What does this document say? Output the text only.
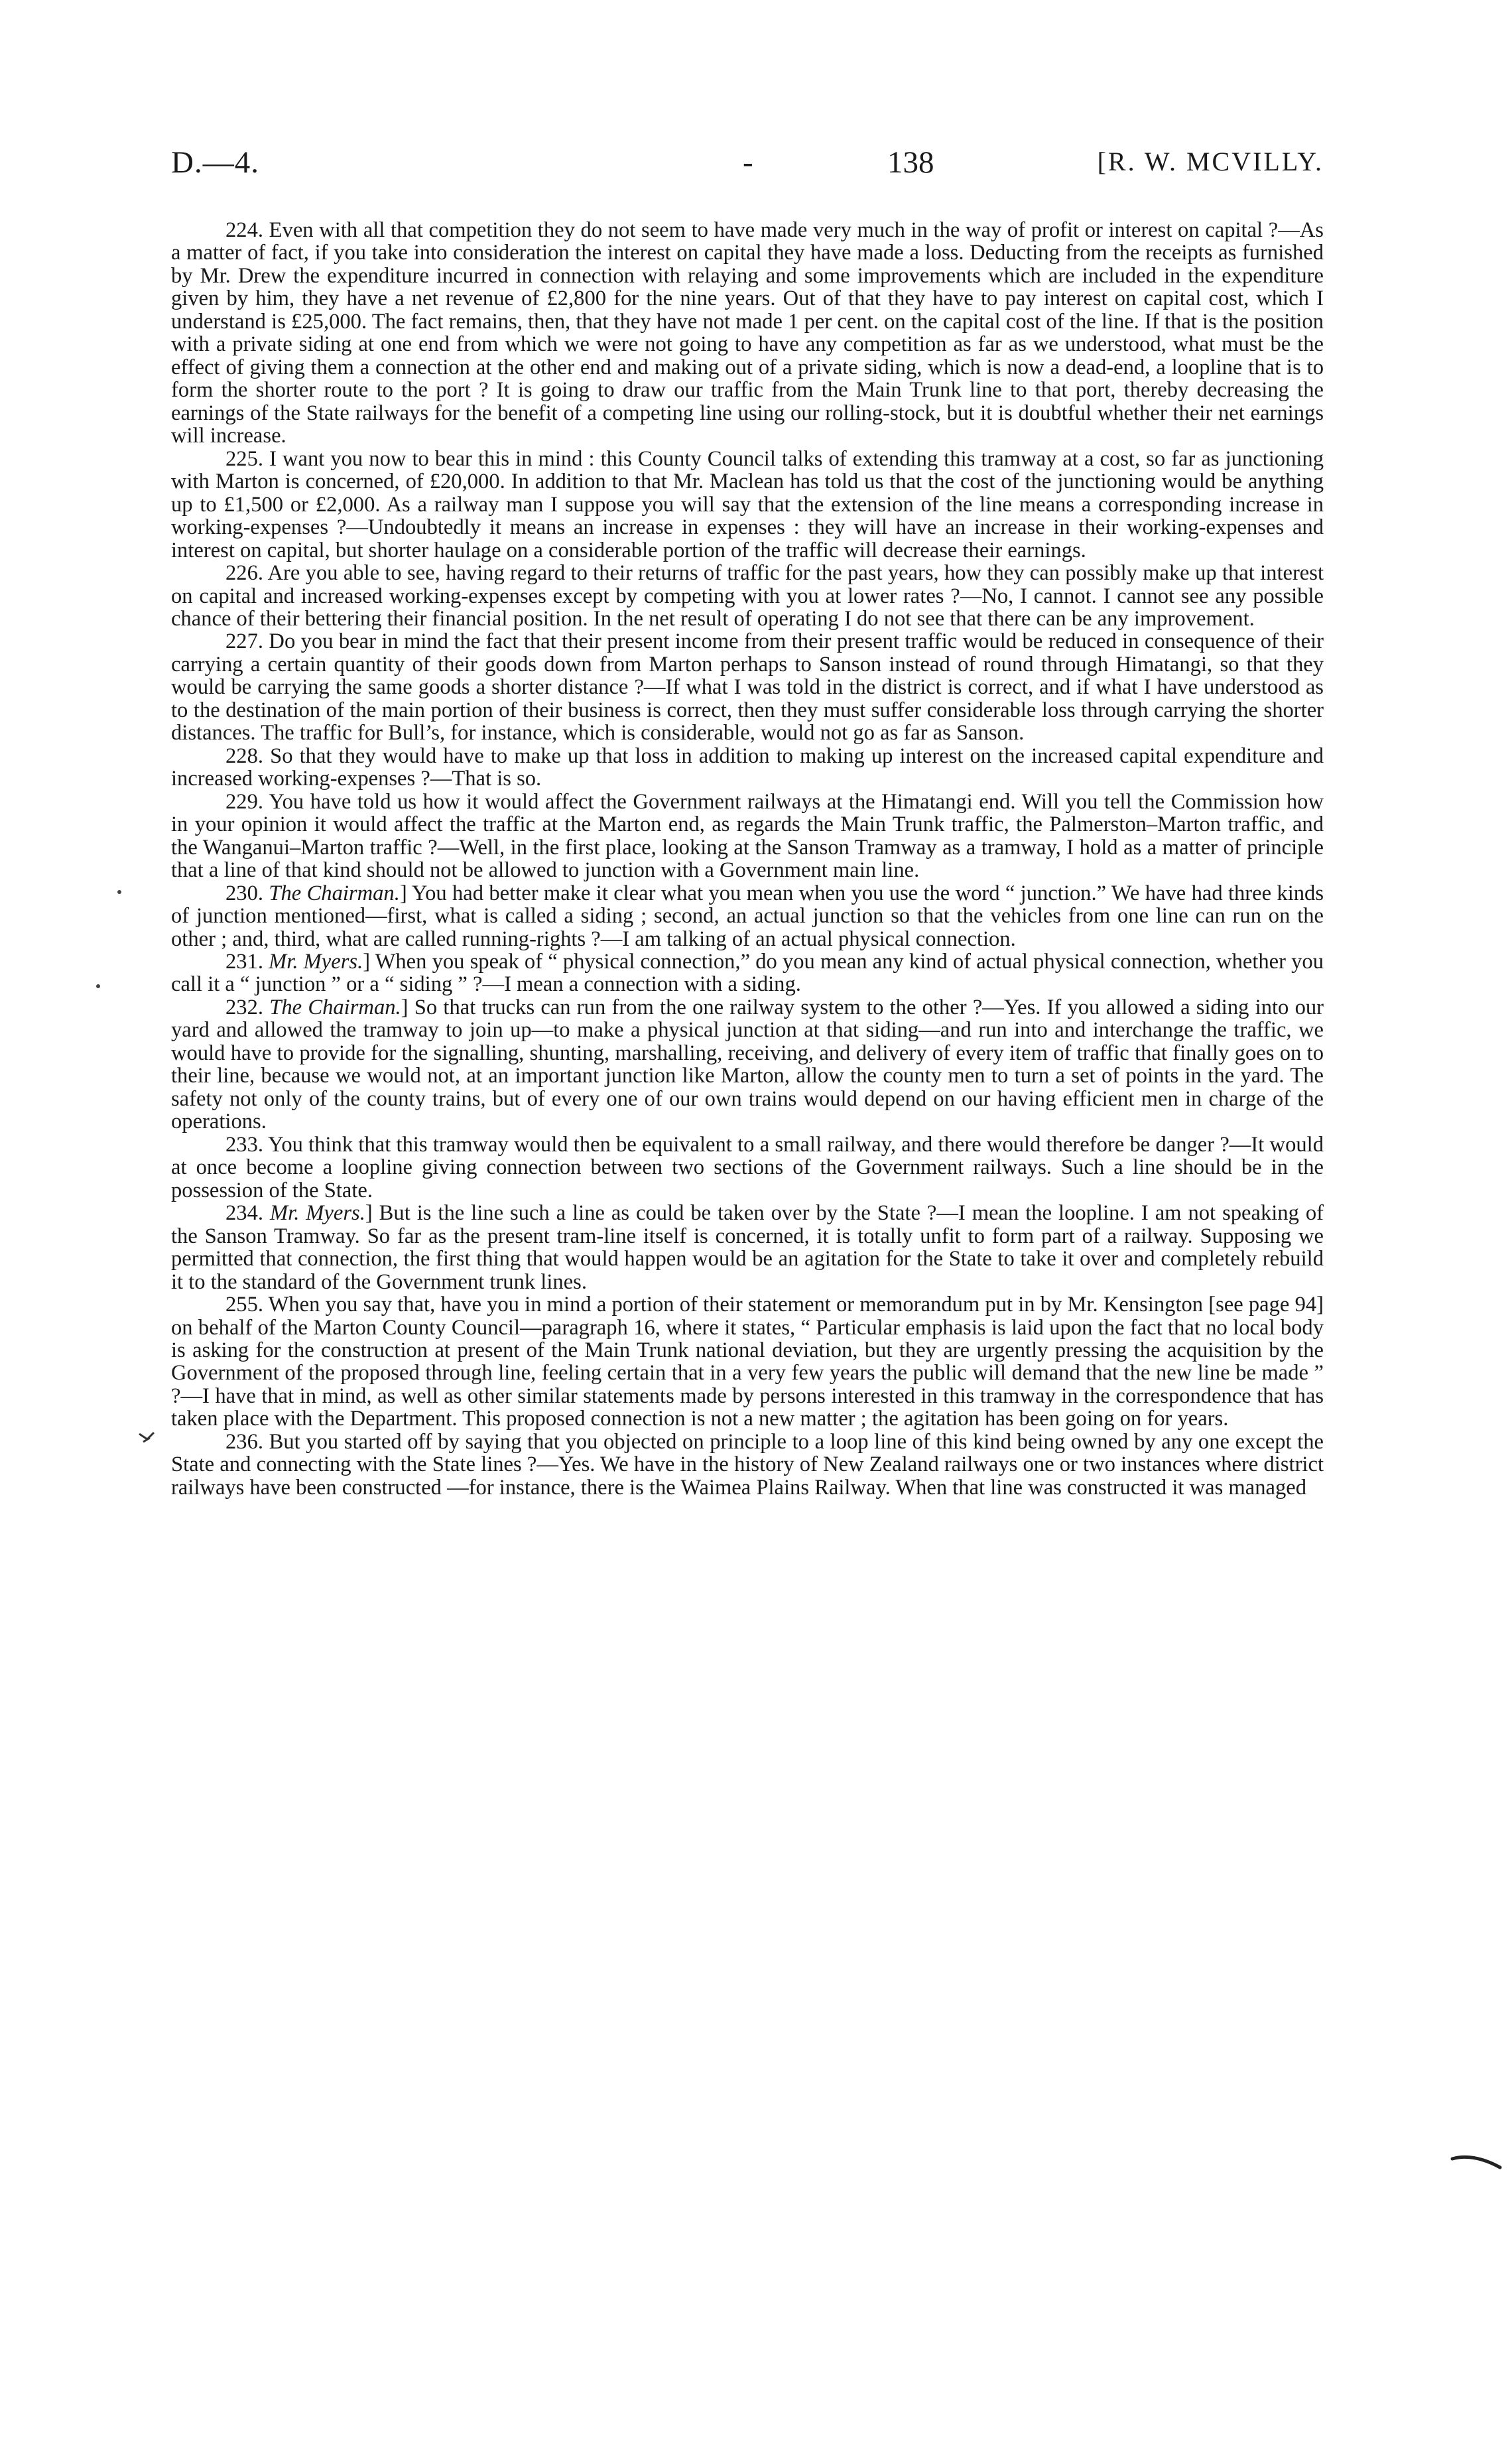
D.—4.	-	138	[R. W. MCVILLY.

224. Even with all that competition they do not seem to have made very much in the way of profit or interest on capital ?—As a matter of fact, if you take into consideration the interest on capital they have made a loss. Deducting from the receipts as furnished by Mr. Drew the expenditure incurred in connection with relaying and some improvements which are included in the expenditure given by him, they have a net revenue of £2,800 for the nine years. Out of that they have to pay interest on capital cost, which I understand is £25,000. The fact remains, then, that they have not made 1 per cent. on the capital cost of the line. If that is the position with a private siding at one end from which we were not going to have any competition as far as we understood, what must be the effect of giving them a connection at the other end and making out of a private siding, which is now a dead-end, a loopline that is to form the shorter route to the port ? It is going to draw our traffic from the Main Trunk line to that port, thereby decreasing the earnings of the State railways for the benefit of a competing line using our rolling-stock, but it is doubtful whether their net earnings will increase.

225. I want you now to bear this in mind : this County Council talks of extending this tramway at a cost, so far as junctioning with Marton is concerned, of £20,000. In addition to that Mr. Maclean has told us that the cost of the junctioning would be anything up to £1,500 or £2,000. As a railway man I suppose you will say that the extension of the line means a corresponding increase in working-expenses ?—Undoubtedly it means an increase in expenses : they will have an increase in their working-expenses and interest on capital, but shorter haulage on a considerable portion of the traffic will decrease their earnings.

226. Are you able to see, having regard to their returns of traffic for the past years, how they can possibly make up that interest on capital and increased working-expenses except by competing with you at lower rates ?—No, I cannot. I cannot see any possible chance of their bettering their financial position. In the net result of operating I do not see that there can be any improvement.

227. Do you bear in mind the fact that their present income from their present traffic would be reduced in consequence of their carrying a certain quantity of their goods down from Marton perhaps to Sanson instead of round through Himatangi, so that they would be carrying the same goods a shorter distance ?—If what I was told in the district is correct, and if what I have understood as to the destination of the main portion of their business is correct, then they must suffer considerable loss through carrying the shorter distances. The traffic for Bull’s, for instance, which is considerable, would not go as far as Sanson.

228. So that they would have to make up that loss in addition to making up interest on the increased capital expenditure and increased working-expenses ?—That is so.

229. You have told us how it would affect the Government railways at the Himatangi end. Will you tell the Commission how in your opinion it would affect the traffic at the Marton end, as regards the Main Trunk traffic, the Palmerston–Marton traffic, and the Wanganui–Marton traffic ?—Well, in the first place, looking at the Sanson Tramway as a tramway, I hold as a matter of principle that a line of that kind should not be allowed to junction with a Government main line.

230. The Chairman.] You had better make it clear what you mean when you use the word “ junction.” We have had three kinds of junction mentioned—first, what is called a siding ; second, an actual junction so that the vehicles from one line can run on the other ; and, third, what are called running-rights ?—I am talking of an actual physical connection.

231. Mr. Myers.] When you speak of “ physical connection,” do you mean any kind of actual physical connection, whether you call it a “ junction ” or a “ siding ” ?—I mean a connection with a siding.

232. The Chairman.] So that trucks can run from the one railway system to the other ?—Yes. If you allowed a siding into our yard and allowed the tramway to join up—to make a physical junction at that siding—and run into and interchange the traffic, we would have to provide for the signalling, shunting, marshalling, receiving, and delivery of every item of traffic that finally goes on to their line, because we would not, at an important junction like Marton, allow the county men to turn a set of points in the yard. The safety not only of the county trains, but of every one of our own trains would depend on our having efficient men in charge of the operations.

233. You think that this tramway would then be equivalent to a small railway, and there would therefore be danger ?—It would at once become a loopline giving connection between two sections of the Government railways. Such a line should be in the possession of the State.

234. Mr. Myers.] But is the line such a line as could be taken over by the State ?—I mean the loopline. I am not speaking of the Sanson Tramway. So far as the present tram-line itself is concerned, it is totally unfit to form part of a railway. Supposing we permitted that connection, the first thing that would happen would be an agitation for the State to take it over and completely rebuild it to the standard of the Government trunk lines.

255. When you say that, have you in mind a portion of their statement or memorandum put in by Mr. Kensington [see page 94] on behalf of the Marton County Council—paragraph 16, where it states, “ Particular emphasis is laid upon the fact that no local body is asking for the construction at present of the Main Trunk national deviation, but they are urgently pressing the acquisition by the Government of the proposed through line, feeling certain that in a very few years the public will demand that the new line be made ” ?—I have that in mind, as well as other similar statements made by persons interested in this tramway in the correspondence that has taken place with the Department. This proposed connection is not a new matter ; the agitation has been going on for years.

236. But you started off by saying that you objected on principle to a loop line of this kind being owned by any one except the State and connecting with the State lines ?—Yes. We have in the history of New Zealand railways one or two instances where district railways have been constructed —for instance, there is the Waimea Plains Railway. When that line was constructed it was managed
